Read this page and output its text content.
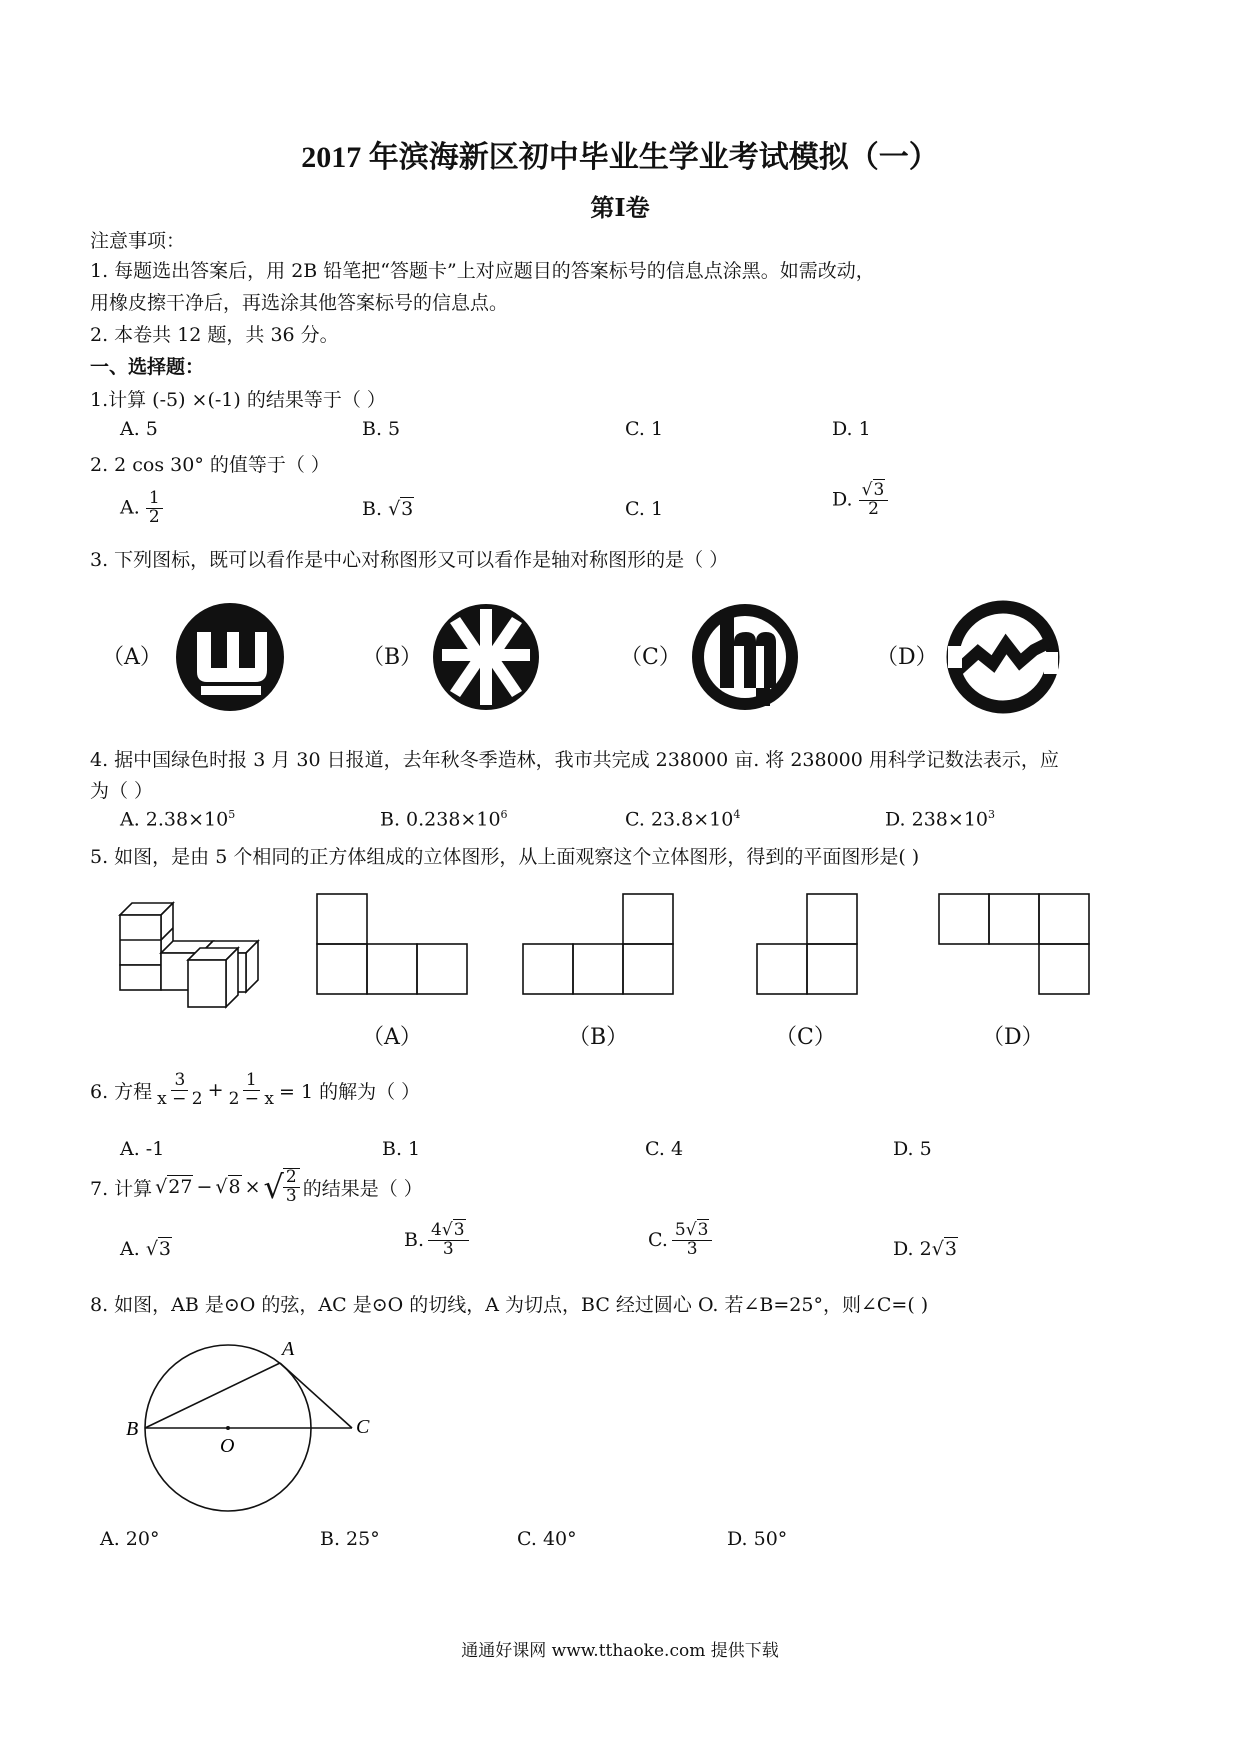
2017 年滨海新区初中毕业生学业考试模拟（一）
第Ⅰ卷
注意事项：
1. 每题选出答案后，用 2B 铅笔把“答题卡”上对应题目的答案标号的信息点涂黑。如需改动，
用橡皮擦干净后，再选涂其他答案标号的信息点。
2. 本卷共 12 题，共 36 分。
一、选择题：
1.计算 (-5) ×(-1) 的结果等于（ ）
A. 5	B. 5	C. 1	D. 1
2. 2 cos 30° 的值等于（ ）
A. $\frac{1}{2}$	B. √3	C. 1	D. $\frac{√3}{2}$
3. 下列图标，既可以看作是中心对称图形又可以看作是轴对称图形的是（ ）
（A）	（B）	（C）	（D）
4. 据中国绿色时报 3 月 30 日报道，去年秋冬季造林，我市共完成 238000 亩. 将 238000 用科学记数法表示，应
为（ ）
A. $2.38\times 10^5$	B. $0.238\times 10^6$	C. $23.8\times 10^4$	D. $238\times 10^3$
5. 如图，是由 5 个相同的正方体组成的立体图形，从上面观察这个立体图形，得到的平面图形是( )
（A）	（B）	（C）	（D）
6. 方程 $\frac{3}{x - 2} + \frac{1}{2 - x} = 1$ 的解为（ ）
A. -1	B. 1	C. 4	D. 5
7. 计算 √27 − √8 × √ $\frac{2}{3}$ 的结果是（ ）
A. √3	B. $\frac{4√3}{3}$	C. $\frac{5√3}{3}$	D. 2√3
8. 如图，AB 是⊙O 的弦，AC 是⊙O 的切线，A 为切点，BC 经过圆心 O. 若∠B=25°，则∠C=( )
A
B	C
O
A. 20°	B. 25°	C. 40°	D. 50°
通通好课网 www.tthaoke.com 提供下载
